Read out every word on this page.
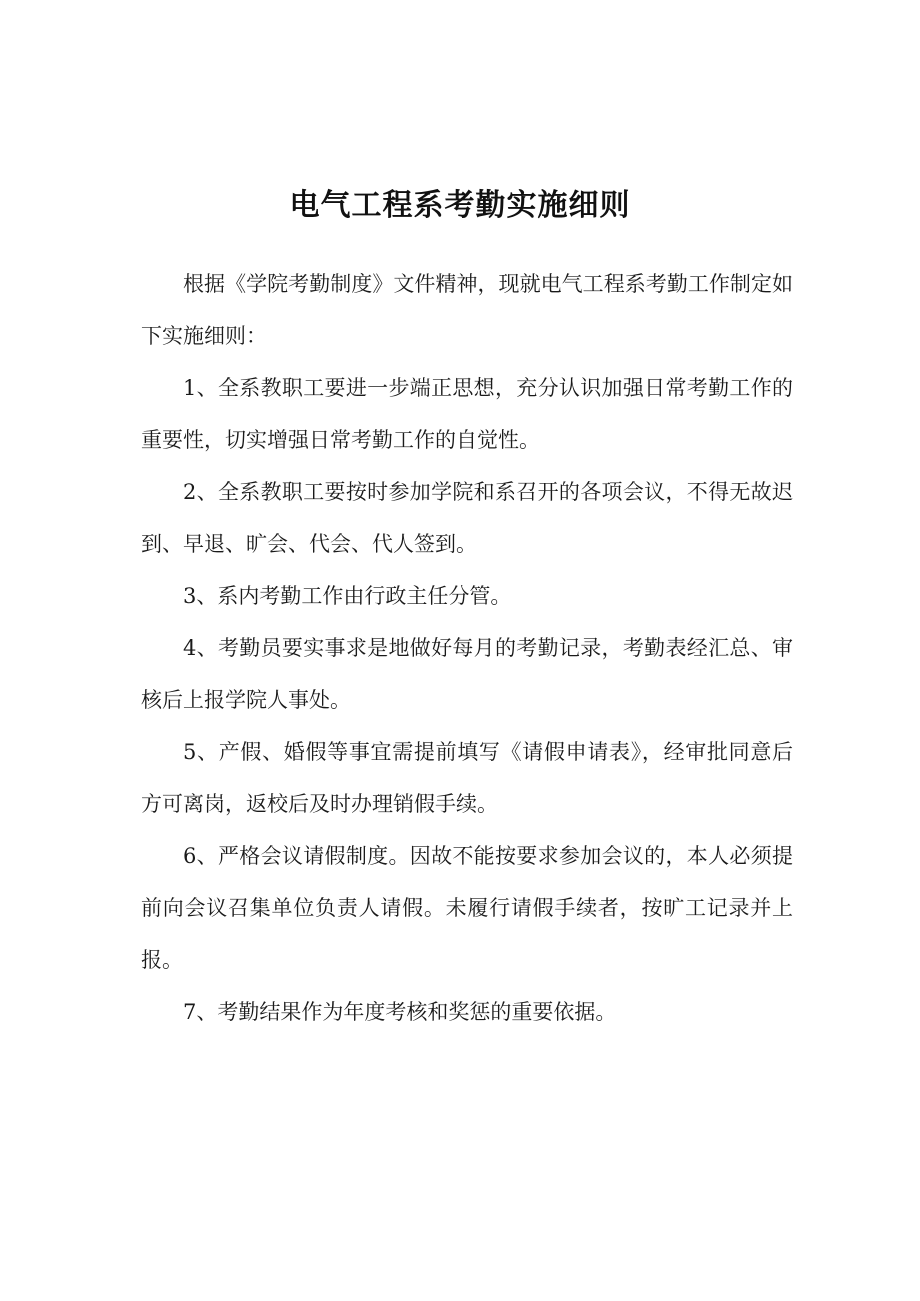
电气工程系考勤实施细则

根据《学院考勤制度》文件精神，现就电气工程系考勤工作制定如下实施细则：

1、全系教职工要进一步端正思想，充分认识加强日常考勤工作的重要性，切实增强日常考勤工作的自觉性。

2、全系教职工要按时参加学院和系召开的各项会议，不得无故迟到、早退、旷会、代会、代人签到。

3、系内考勤工作由行政主任分管。

4、考勤员要实事求是地做好每月的考勤记录，考勤表经汇总、审核后上报学院人事处。

5、产假、婚假等事宜需提前填写《请假申请表》，经审批同意后方可离岗，返校后及时办理销假手续。

6、严格会议请假制度。因故不能按要求参加会议的，本人必须提前向会议召集单位负责人请假。未履行请假手续者，按旷工记录并上报。

7、考勤结果作为年度考核和奖惩的重要依据。
